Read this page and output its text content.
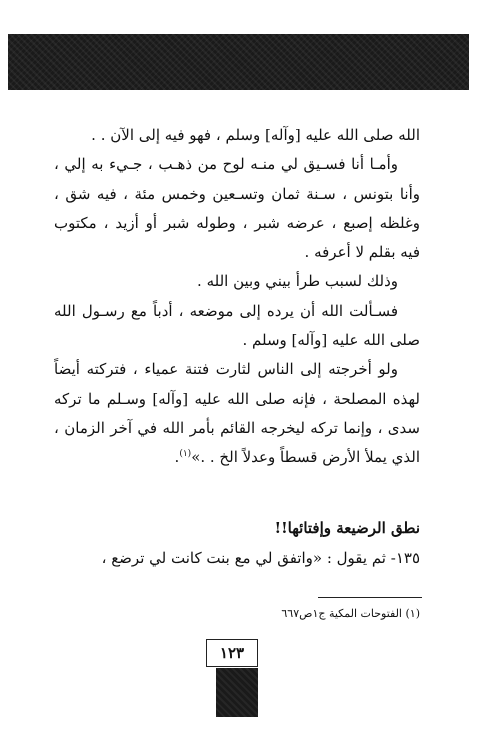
الله صلى الله عليه [وآله] وسلم ، فهو فيه إلى الآن . .

وأمـا أنا فسـيق لي منـه لوح من ذهـب ، جـيء به إلي ، وأنا بتونس ، سـنة ثمان وتسـعين وخمس مئة ، فيه شق ، وغلظه إصبع ، عرضه شبر ، وطوله شبر أو أزيد ، مكتوب فيه بقلم لا أعرفه .

وذلك لسبب طرأ بيني وبين الله .

فسـألت الله أن يرده إلى موضعه ، أدباً مع رسـول الله صلى الله عليه [وآله] وسلم .

ولو أخرجته إلى الناس لثارت فتنة عمياء ، فتركته أيضاً لهذه المصلحة ، فإنه صلى الله عليه [وآله] وسـلم ما تركه سدى ، وإنما تركه ليخرجه القائم بأمر الله في آخر الزمان ، الذي يملأ الأرض قسطاً وعدلاً الخ . .»$^{(١)}$.

نطق الرضيعة وإفتائها!!

١٣٥- ثم يقول : «واتفق لي مع بنت كانت لي ترضع ،

(١) الفتوحات المكية ج١ص٦٦٧

١٢٣
